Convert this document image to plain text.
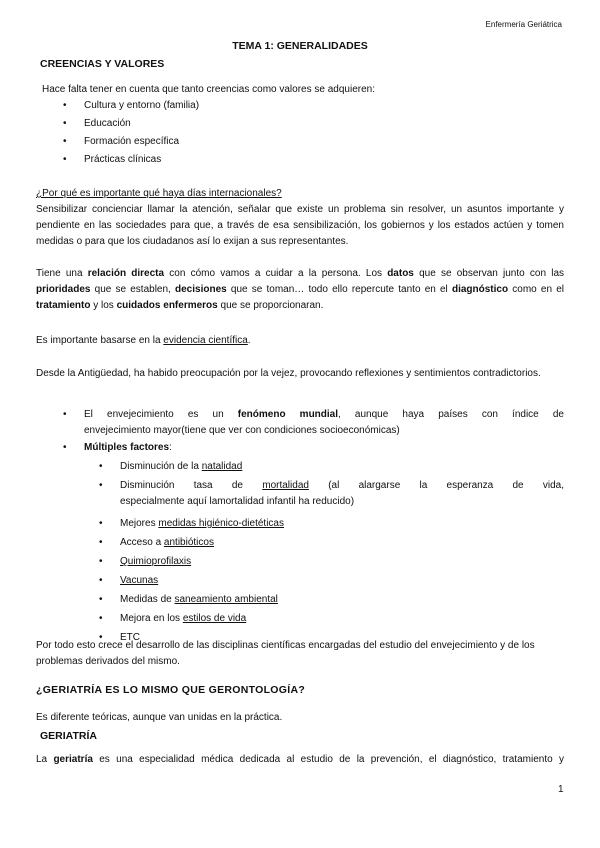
Enfermería Geriátrica
TEMA 1: GENERALIDADES
CREENCIAS Y VALORES
Hace falta tener en cuenta que tanto creencias como valores se adquieren:
• Cultura y entorno (familia)
• Educación
• Formación específica
• Prácticas clínicas
¿Por qué es importante qué haya días internacionales?
Sensibilizar concienciar llamar la atención, señalar que existe un problema sin resolver, un asuntos importante y pendiente en las sociedades para que, a través de esa sensibilización, los gobiernos y los estados actúen y tomen medidas o para que los ciudadanos así lo exijan a sus representantes.
Tiene una relación directa con cómo vamos a cuidar a la persona. Los datos que se observan junto con las prioridades que se establen, decisiones que se toman… todo ello repercute tanto en el diagnóstico como en el tratamiento y los cuidados enfermeros que se proporcionaran.
Es importante basarse en la evidencia científica.
Desde la Antigüedad, ha habido preocupación por la vejez, provocando reflexiones y sentimientos contradictorios.
• El envejecimiento es un fenómeno mundial, aunque haya países con índice de
envejecimiento mayor(tiene que ver con condiciones socioeconómicas)
• Múltiples factores:
• Disminución de la natalidad
• Disminución tasa de mortalidad (al alargarse la esperanza de vida,
especialmente aquí lamortalidad infantil ha reducido)
• Mejores medidas higiénico-dietéticas
• Acceso a antibióticos
• Quimioprofilaxis
• Vacunas
• Medidas de saneamiento ambiental
• Mejora en los estilos de vida
• ETC
Por todo esto crece el desarrollo de las disciplinas científicas encargadas del estudio del envejecimiento y de los problemas derivados del mismo.
¿GERIATRÍA ES LO MISMO QUE GERONTOLOGÍA?
Es diferente teóricas, aunque van unidas en la práctica.
GERIATRÍA
La geriatría es una especialidad médica dedicada al estudio de la prevención, el diagnóstico, tratamiento y
1
